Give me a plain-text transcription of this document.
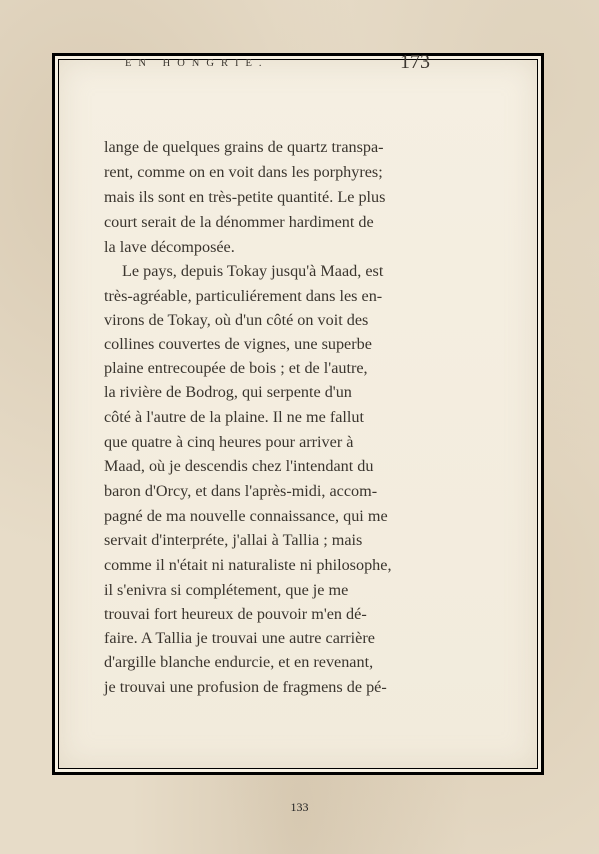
EN HONGRIE.	173
lange de quelques grains de quartz transpa-
rent, comme on en voit dans les porphyres;
mais ils sont en très-petite quantité. Le plus
court serait de la dénommer hardiment de
la lave décomposée.
Le pays, depuis Tokay jusqu'à Maad, est
très-agréable, particuliérement dans les en-
virons de Tokay, où d'un côté on voit des
collines couvertes de vignes, une superbe
plaine entrecoupée de bois ; et de l'autre,
la rivière de Bodrog, qui serpente d'un
côté à l'autre de la plaine. Il ne me fallut
que quatre à cinq heures pour arriver à
Maad, où je descendis chez l'intendant du
baron d'Orcy, et dans l'après-midi, accom-
pagné de ma nouvelle connaissance, qui me
servait d'interpréte, j'allai à Tallia ; mais
comme il n'était ni naturaliste ni philosophe,
il s'enivra si complétement, que je me
trouvai fort heureux de pouvoir m'en dé-
faire. A Tallia je trouvai une autre carrière
d'argille blanche endurcie, et en revenant,
je trouvai une profusion de fragmens de pé-
133
